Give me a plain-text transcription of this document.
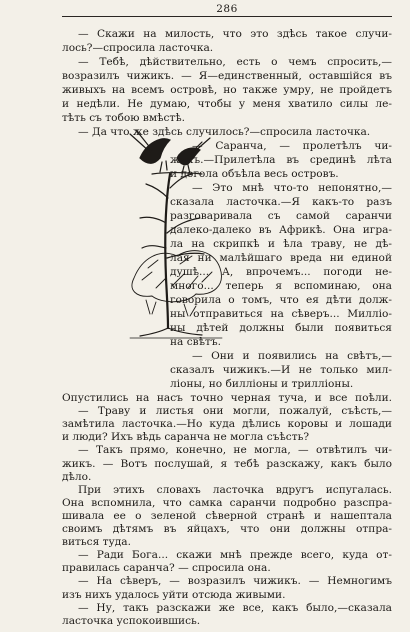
286
— Скажи на милость, что это здѣсь такое случи-
лось?—спросила ласточка.
— Тебѣ, дѣйствительно, есть о чемъ спросить,—
возразилъ чижикъ. — Я—единственный, оставшійся въ
живыхъ на всемъ островѣ, но также умру, не пройдетъ
и недѣли. Не думаю, чтобы у меня хватило силы ле-
тѣть съ тобою вмѣстѣ.
— Да что же здѣсь случилось?—спросила ласточка.
— Саранча, — пролетѣлъ чи-
жикъ.—Прилетѣла въ срединѣ лѣта
и догола объѣла весь островъ.
— Это мнѣ что-то непонятно,—
сказала ласточка.—Я какъ-то разъ
разговаривала съ самой саранчи
далеко-далеко въ Африкѣ. Она игра-
ла на скрипкѣ и ѣла траву, не дѣ-
лая ни малѣйшаго вреда ни единой
душѣ... А, впрочемъ... погоди не-
много... теперь я вспоминаю, она
говорила о томъ, что ея дѣти долж-
ны отправиться на сѣверъ... Миллio-
ны дѣтей должны были появиться
на свѣтъ.
— Они и появились на свѣтъ,—
сказалъ чижикъ.—И не только мил-
ліоны, но билліоны и трилліоны.
Опустились на насъ точно черная туча, и все поѣли.
— Траву и листья они могли, пожалуй, съѣсть,—
замѣтила ласточка.—Но куда дѣлись коровы и лошади
и люди? Ихъ вѣдь саранча не могла съѣсть?
— Такъ прямо, конечно, не могла, — отвѣтилъ чи-
жикъ. — Вотъ послушай, я тебѣ разскажу, какъ было
дѣло.
При этихъ словахъ ласточка вдругъ испугалась.
Она вспомнила, что самка саранчи подробно разспра-
шивала ее о зеленой сѣверной странѣ и нашептала
своимъ дѣтямъ въ яйцахъ, что они должны отпра-
виться туда.
— Ради Бога... скажи мнѣ прежде всего, куда от-
правилась саранча? — спросила она.
— На сѣверъ, — возразилъ чижикъ. — Немногимъ
изъ нихъ удалось уйти отсюда живыми.
— Ну, такъ разскажи же все, какъ было,—сказала
ласточка успокоившись.
